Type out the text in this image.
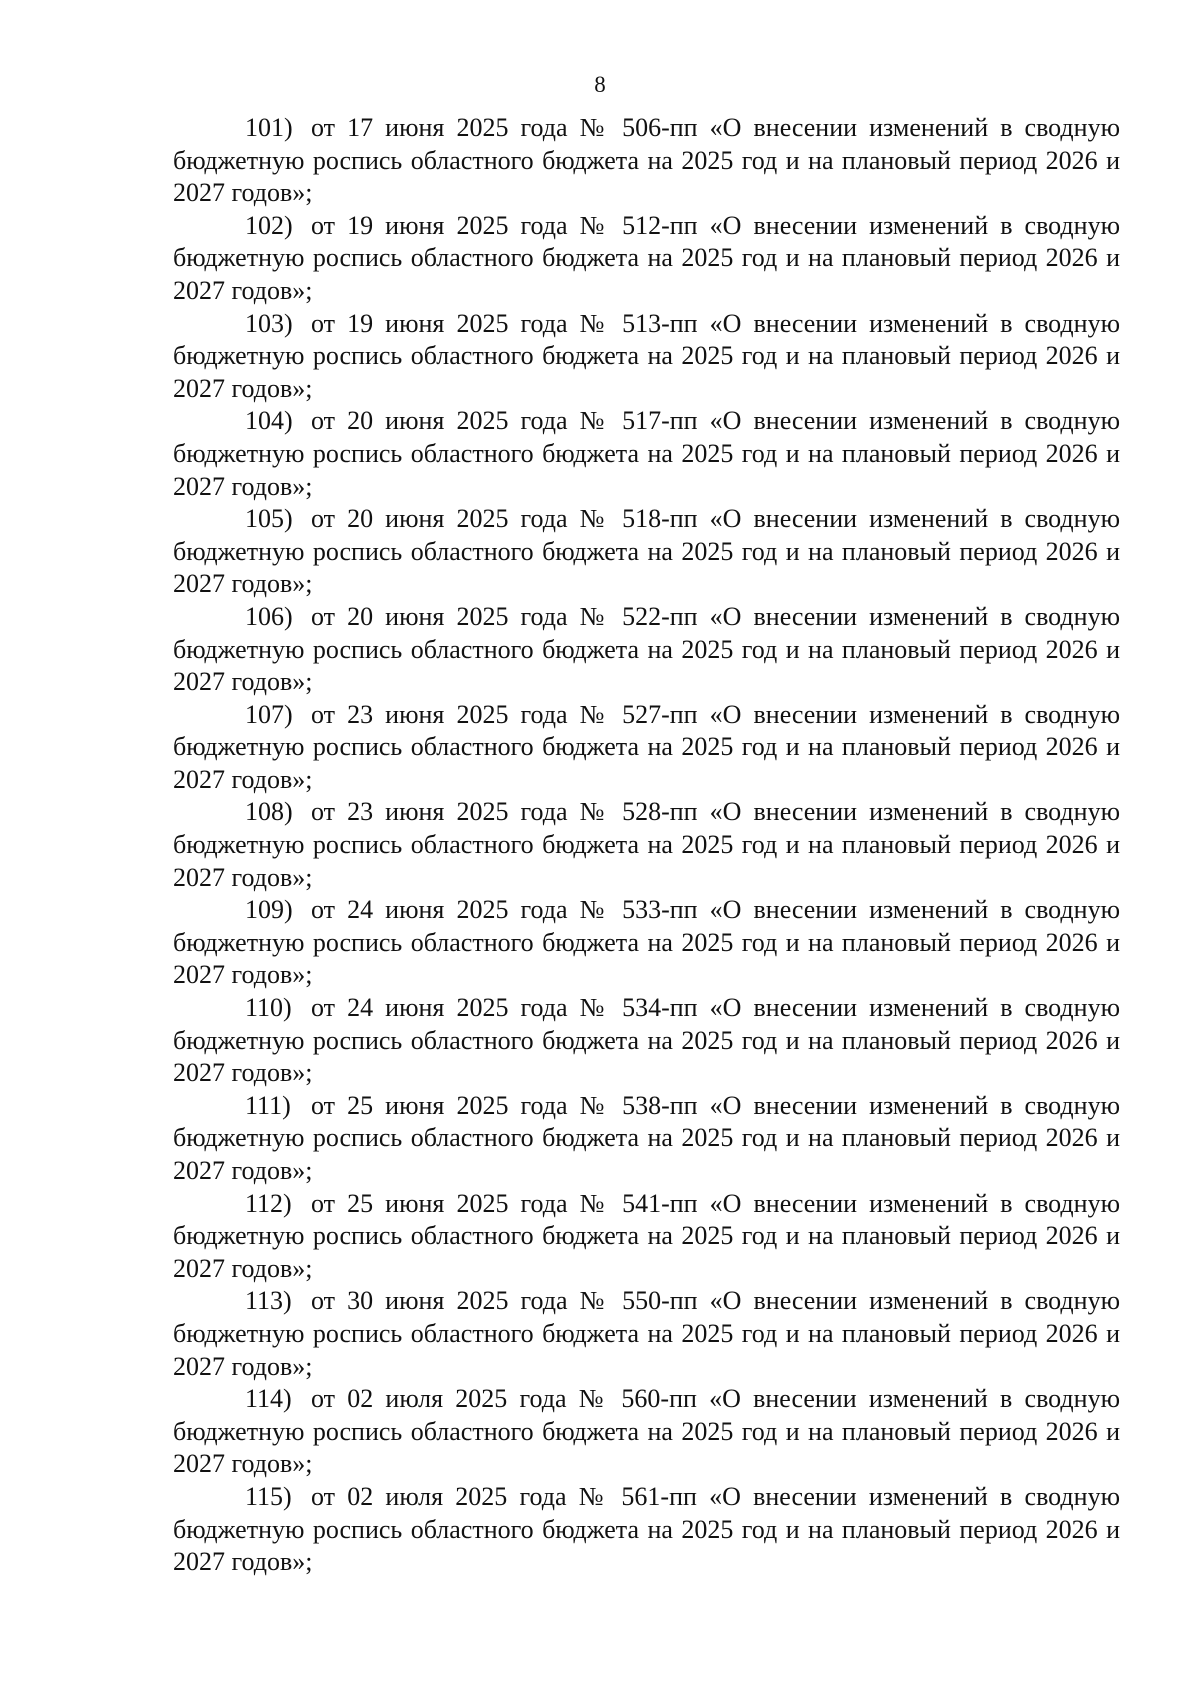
8

101) от 17 июня 2025 года № 506-пп «О внесении изменений в сводную бюджетную роспись областного бюджета на 2025 год и на плановый период 2026 и 2027 годов»;

102) от 19 июня 2025 года № 512-пп «О внесении изменений в сводную бюджетную роспись областного бюджета на 2025 год и на плановый период 2026 и 2027 годов»;

103) от 19 июня 2025 года № 513-пп «О внесении изменений в сводную бюджетную роспись областного бюджета на 2025 год и на плановый период 2026 и 2027 годов»;

104) от 20 июня 2025 года № 517-пп «О внесении изменений в сводную бюджетную роспись областного бюджета на 2025 год и на плановый период 2026 и 2027 годов»;

105) от 20 июня 2025 года № 518-пп «О внесении изменений в сводную бюджетную роспись областного бюджета на 2025 год и на плановый период 2026 и 2027 годов»;

106) от 20 июня 2025 года № 522-пп «О внесении изменений в сводную бюджетную роспись областного бюджета на 2025 год и на плановый период 2026 и 2027 годов»;

107) от 23 июня 2025 года № 527-пп «О внесении изменений в сводную бюджетную роспись областного бюджета на 2025 год и на плановый период 2026 и 2027 годов»;

108) от 23 июня 2025 года № 528-пп «О внесении изменений в сводную бюджетную роспись областного бюджета на 2025 год и на плановый период 2026 и 2027 годов»;

109) от 24 июня 2025 года № 533-пп «О внесении изменений в сводную бюджетную роспись областного бюджета на 2025 год и на плановый период 2026 и 2027 годов»;

110) от 24 июня 2025 года № 534-пп «О внесении изменений в сводную бюджетную роспись областного бюджета на 2025 год и на плановый период 2026 и 2027 годов»;

111) от 25 июня 2025 года № 538-пп «О внесении изменений в сводную бюджетную роспись областного бюджета на 2025 год и на плановый период 2026 и 2027 годов»;

112) от 25 июня 2025 года № 541-пп «О внесении изменений в сводную бюджетную роспись областного бюджета на 2025 год и на плановый период 2026 и 2027 годов»;

113) от 30 июня 2025 года № 550-пп «О внесении изменений в сводную бюджетную роспись областного бюджета на 2025 год и на плановый период 2026 и 2027 годов»;

114) от 02 июля 2025 года № 560-пп «О внесении изменений в сводную бюджетную роспись областного бюджета на 2025 год и на плановый период 2026 и 2027 годов»;

115) от 02 июля 2025 года № 561-пп «О внесении изменений в сводную бюджетную роспись областного бюджета на 2025 год и на плановый период 2026 и 2027 годов»;
